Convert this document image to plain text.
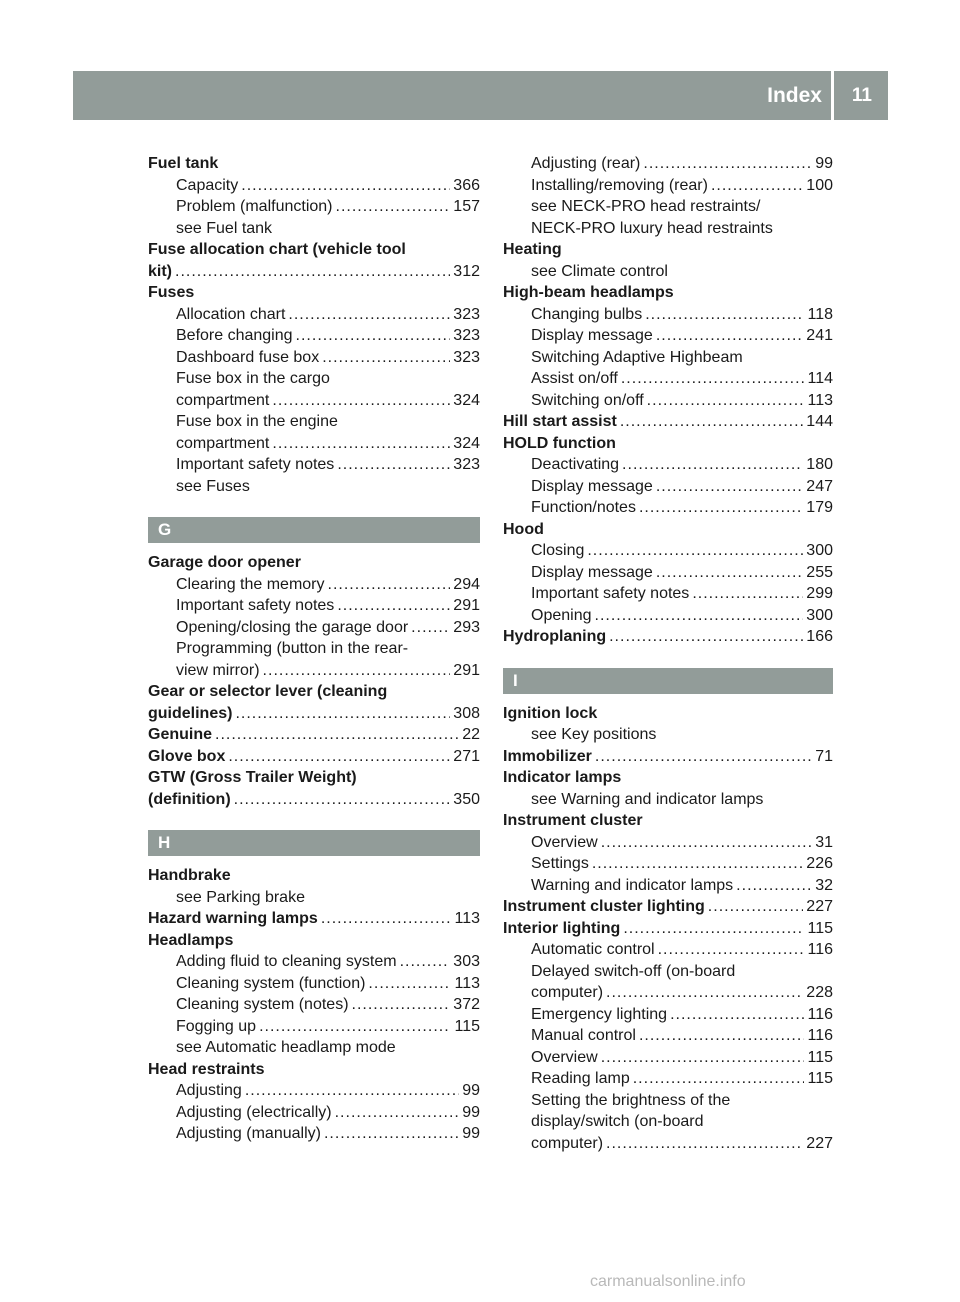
Index 11
Fuel tank
Capacity .....	366
Problem (malfunction) .....	157
see Fuel tank
Fuse allocation chart (vehicle tool
kit) .....	312
Fuses
Allocation chart .....	323
Before changing .....	323
Dashboard fuse box .....	323
Fuse box in the cargo
compartment .....	324
Fuse box in the engine
compartment .....	324
Important safety notes .....	323
see Fuses
G
Garage door opener
Clearing the memory .....	294
Important safety notes .....	291
Opening/closing the garage door .....	293
Programming (button in the rear-
view mirror) .....	291
Gear or selector lever (cleaning
guidelines) .....	308
Genuine .....	22
Glove box .....	271
GTW (Gross Trailer Weight)
(definition) .....	350
H
Handbrake
see Parking brake
Hazard warning lamps .....	113
Headlamps
Adding fluid to cleaning system .....	303
Cleaning system (function) .....	113
Cleaning system (notes) .....	372
Fogging up .....	115
see Automatic headlamp mode
Head restraints
Adjusting .....	99
Adjusting (electrically) .....	99
Adjusting (manually) .....	99
Adjusting (rear) .....	99
Installing/removing (rear) .....	100
see NECK-PRO head restraints/
NECK-PRO luxury head restraints
Heating
see Climate control
High-beam headlamps
Changing bulbs .....	118
Display message .....	241
Switching Adaptive Highbeam
Assist on/off .....	114
Switching on/off .....	113
Hill start assist .....	144
HOLD function
Deactivating .....	180
Display message .....	247
Function/notes .....	179
Hood
Closing .....	300
Display message .....	255
Important safety notes .....	299
Opening .....	300
Hydroplaning .....	166
I
Ignition lock
see Key positions
Immobilizer .....	71
Indicator lamps
see Warning and indicator lamps
Instrument cluster
Overview .....	31
Settings .....	226
Warning and indicator lamps .....	32
Instrument cluster lighting .....	227
Interior lighting .....	115
Automatic control .....	116
Delayed switch-off (on-board
computer) .....	228
Emergency lighting .....	116
Manual control .....	116
Overview .....	115
Reading lamp .....	115
Setting the brightness of the
display/switch (on-board
computer) .....	227
carmanualsonline.info
